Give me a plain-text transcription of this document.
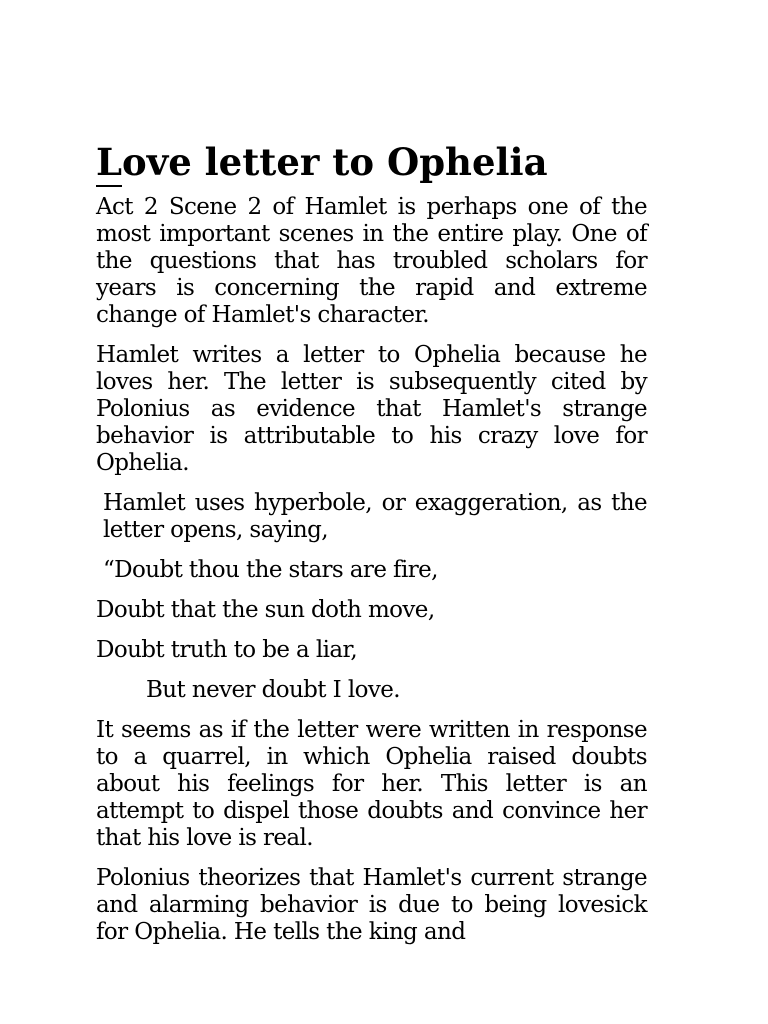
Love letter to Ophelia

Act 2 Scene 2 of Hamlet is perhaps one of the most important scenes in the entire play. One of the questions that has troubled scholars for years is concerning the rapid and extreme change of Hamlet's character.

Hamlet writes a letter to Ophelia because he loves her. The letter is subsequently cited by Polonius as evidence that Hamlet's strange behavior is attributable to his crazy love for Ophelia.

Hamlet uses hyperbole, or exaggeration, as the letter opens, saying,

“Doubt thou the stars are fire,

Doubt that the sun doth move,

Doubt truth to be a liar,

But never doubt I love.

It seems as if the letter were written in response to a quarrel, in which Ophelia raised doubts about his feelings for her. This letter is an attempt to dispel those doubts and convince her that his love is real.

Polonius theorizes that Hamlet's current strange and alarming behavior is due to being lovesick for Ophelia. He tells the king and
